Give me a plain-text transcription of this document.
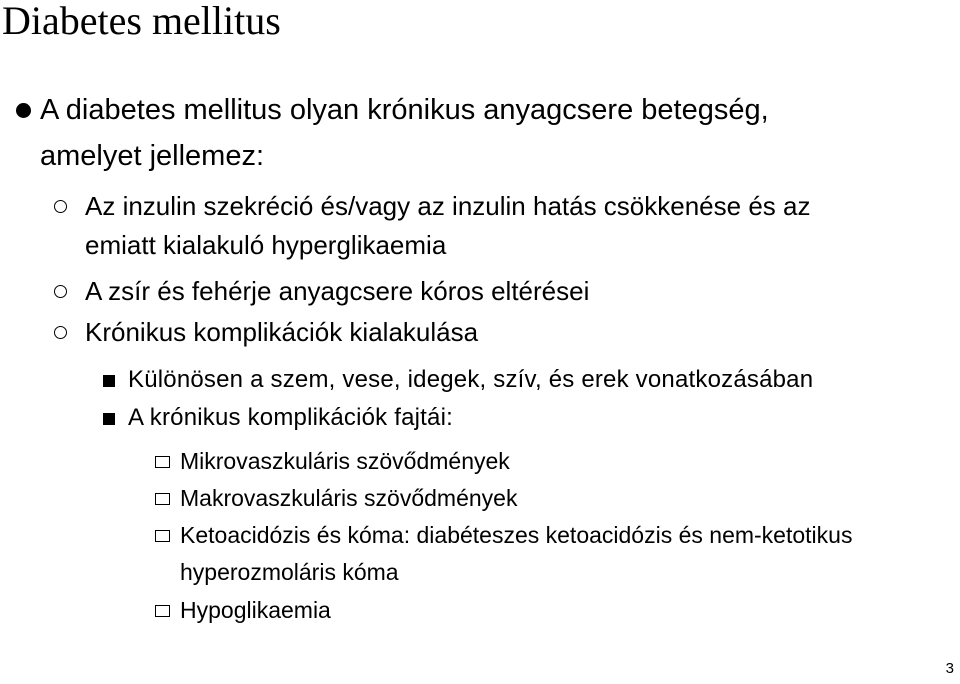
Diabetes mellitus
A diabetes mellitus olyan krónikus anyagcsere betegség,
amelyet jellemez:
Az inzulin szekréció és/vagy az inzulin hatás csökkenése és az
emiatt kialakuló hyperglikaemia
A zsír és fehérje anyagcsere kóros eltérései
Krónikus komplikációk kialakulása
Különösen a szem, vese, idegek, szív, és erek vonatkozásában
A krónikus komplikációk fajtái:
Mikrovaszkuláris szövődmények
Makrovaszkuláris szövődmények
Ketoacidózis és kóma: diabéteszes ketoacidózis és nem-ketotikus
hyperozmoláris kóma
Hypoglikaemia
3
